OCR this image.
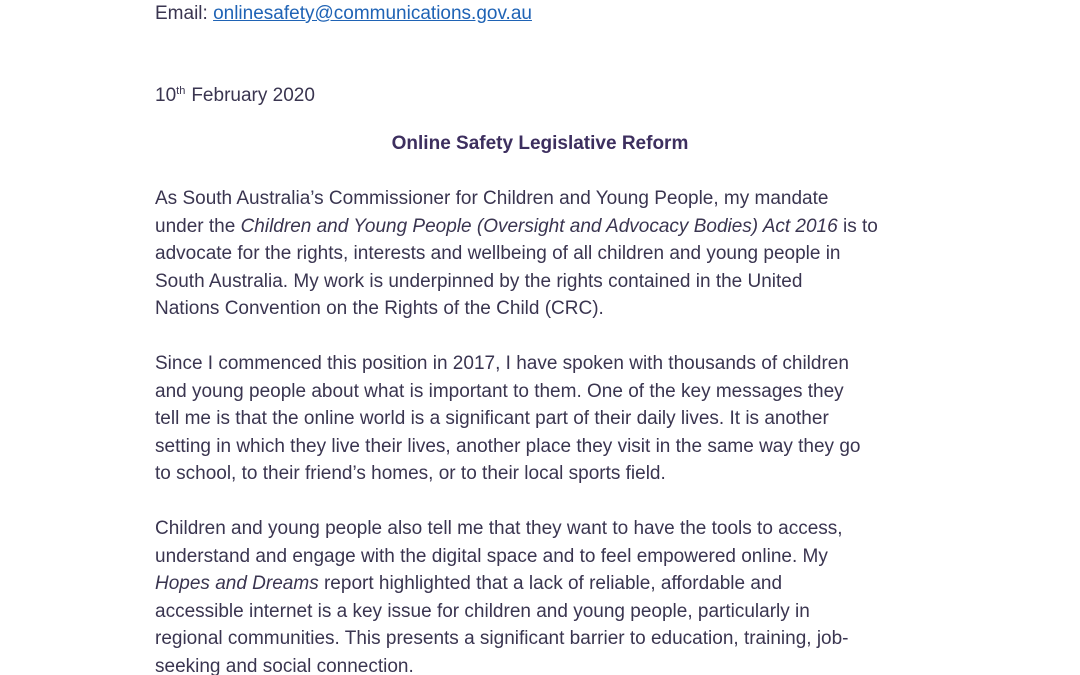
Email: onlinesafety@communications.gov.au
10th February 2020
Online Safety Legislative Reform
As South Australia’s Commissioner for Children and Young People, my mandate
under the Children and Young People (Oversight and Advocacy Bodies) Act 2016 is to
advocate for the rights, interests and wellbeing of all children and young people in
South Australia. My work is underpinned by the rights contained in the United
Nations Convention on the Rights of the Child (CRC).
Since I commenced this position in 2017, I have spoken with thousands of children
and young people about what is important to them. One of the key messages they
tell me is that the online world is a significant part of their daily lives. It is another
setting in which they live their lives, another place they visit in the same way they go
to school, to their friend’s homes, or to their local sports field.
Children and young people also tell me that they want to have the tools to access,
understand and engage with the digital space and to feel empowered online. My
Hopes and Dreams report highlighted that a lack of reliable, affordable and
accessible internet is a key issue for children and young people, particularly in
regional communities. This presents a significant barrier to education, training, job-
seeking and social connection.
